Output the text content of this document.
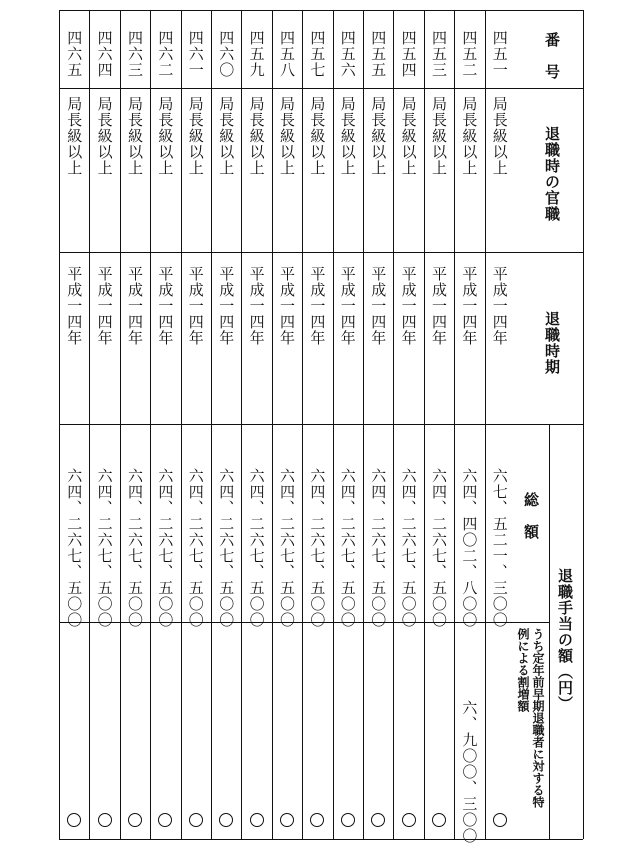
番　号
退職時の官職
退職時期
退職手当の額（円）
総　額
うち定年前早期退職者に対する特
例による割増額
四五一
局長級以上
平成一四年
六七、五二一、三〇〇
四五二
局長級以上
平成一四年
六四、四〇二、八〇〇
六、九〇〇、三〇〇
四五三
局長級以上
平成一四年
六四、二六七、五〇〇
四五四
局長級以上
平成一四年
六四、二六七、五〇〇
四五五
局長級以上
平成一四年
六四、二六七、五〇〇
四五六
局長級以上
平成一四年
六四、二六七、五〇〇
四五七
局長級以上
平成一四年
六四、二六七、五〇〇
四五八
局長級以上
平成一四年
六四、二六七、五〇〇
四五九
局長級以上
平成一四年
六四、二六七、五〇〇
四六〇
局長級以上
平成一四年
六四、二六七、五〇〇
四六一
局長級以上
平成一四年
六四、二六七、五〇〇
四六二
局長級以上
平成一四年
六四、二六七、五〇〇
四六三
局長級以上
平成一四年
六四、二六七、五〇〇
四六四
局長級以上
平成一四年
六四、二六七、五〇〇
四六五
局長級以上
平成一四年
六四、二六七、五〇〇
